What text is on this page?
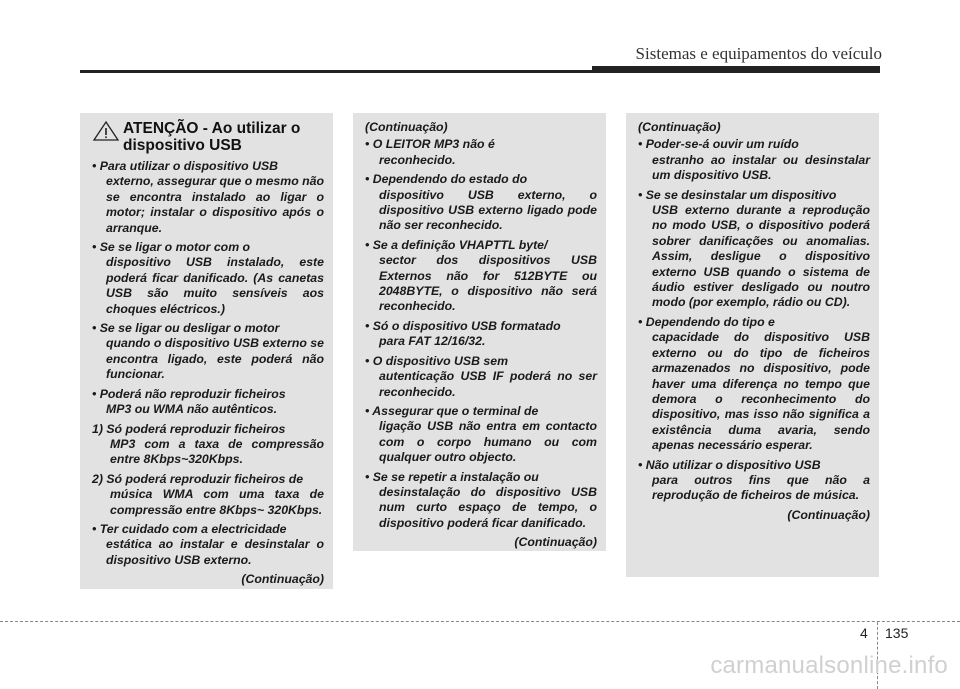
Sistemas e equipamentos do veículo
ATENÇÃO - Ao utilizar o dispositivo USB
• Para utilizar o dispositivo USB
externo, assegurar que o mesmo não se encontra instalado ao ligar o motor; instalar o dispositivo após o arranque.
• Se se ligar o motor com o
dispositivo USB instalado, este poderá ficar danificado. (As canetas USB são muito sensíveis aos choques eléctricos.)
• Se se ligar ou desligar o motor
quando o dispositivo USB externo se encontra ligado, este poderá não funcionar.
• Poderá não reproduzir ficheiros
MP3 ou WMA não autênticos.
1) Só poderá reproduzir ficheiros
MP3 com a taxa de compressão entre 8Kbps~320Kbps.
2) Só poderá reproduzir ficheiros de
música WMA com uma taxa de compressão entre 8Kbps~ 320Kbps.
• Ter cuidado com a electricidade
estática ao instalar e desinstalar o dispositivo USB externo.
(Continuação)
(Continuação)
• O LEITOR MP3 não é
reconhecido.
• Dependendo do estado do
dispositivo USB externo, o dispositivo USB externo ligado pode não ser reconhecido.
• Se a definição VHAPTTL byte/
sector dos dispositivos USB Externos não for 512BYTE ou 2048BYTE, o dispositivo não será reconhecido.
• Só o dispositivo USB formatado
para FAT 12/16/32.
• O dispositivo USB sem
autenticação USB IF poderá no ser reconhecido.
• Assegurar que o terminal de
ligação USB não entra em contacto com o corpo humano ou com qualquer outro objecto.
• Se se repetir a instalação ou
desinstalação do dispositivo USB num curto espaço de tempo, o dispositivo poderá ficar danificado.
(Continuação)
(Continuação)
• Poder-se-á ouvir um ruído
estranho ao instalar ou desinstalar um dispositivo USB.
• Se se desinstalar um dispositivo
USB externo durante a reprodução no modo USB, o dispositivo poderá sobrer danificações ou anomalias. Assim, desligue o dispositivo externo USB quando o sistema de áudio estiver desligado ou noutro modo (por exemplo, rádio ou CD).
• Dependendo do tipo e
capacidade do dispositivo USB externo ou do tipo de ficheiros armazenados no dispositivo, pode haver uma diferença no tempo que demora o reconhecimento do dispositivo, mas isso não significa a existência duma avaria, sendo apenas necessário esperar.
• Não utilizar o dispositivo USB
para outros fins que não a reprodução de ficheiros de música.
(Continuação)
4 135
carmanualsonline.info
